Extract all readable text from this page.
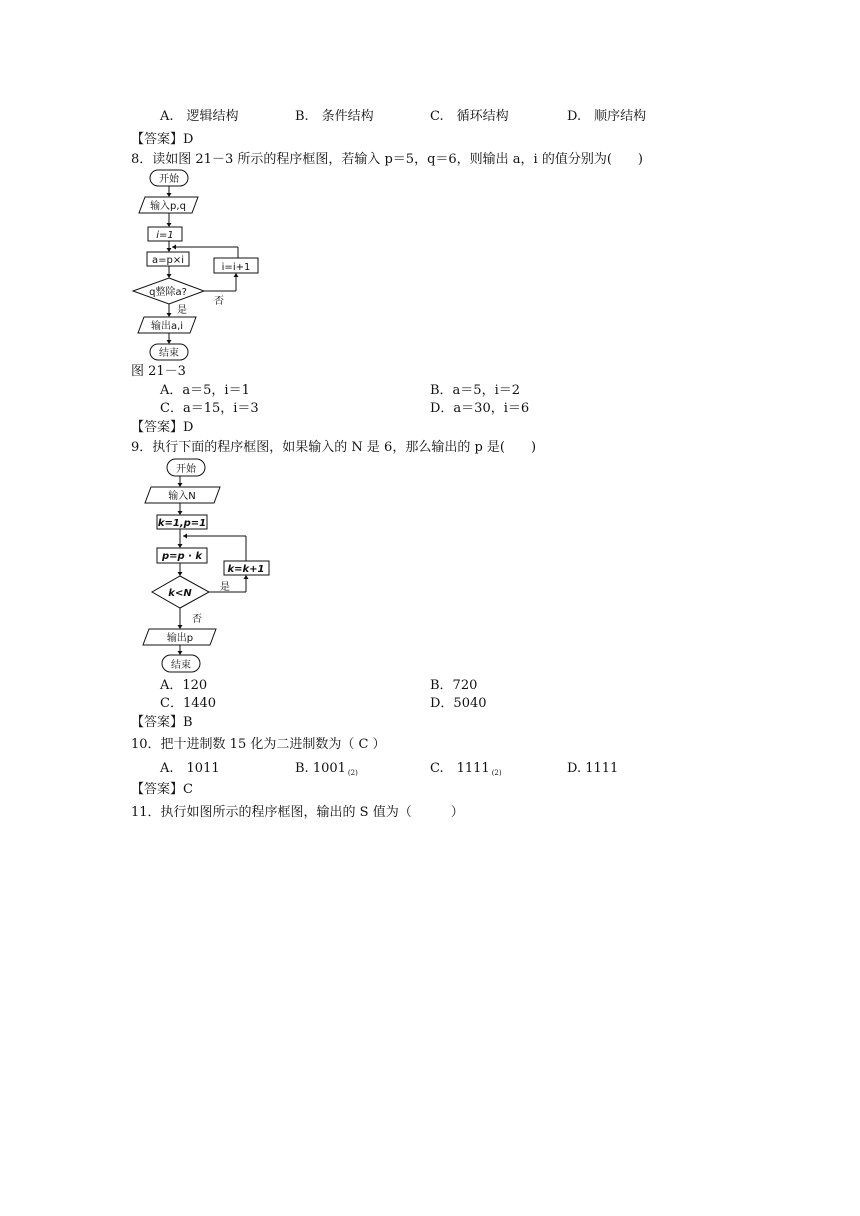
A.　逻辑结构	B.　条件结构	C.　循环结构	D.　顺序结构
【答案】D
8．读如图 21－3 所示的程序框图，若输入 p＝5，q＝6，则输出 a，i 的值分别为(　　)
开始
输入p,q
i=1
a=p×i
i=i+1
q整除a?
否
是
输出a,i
结束
图 21－3
A．a＝5，i＝1	B．a＝5，i＝2
C．a＝15，i＝3	D．a＝30，i＝6
【答案】D
9．执行下面的程序框图，如果输入的 N 是 6，那么输出的 p 是(　　)
开始
输入N
k=1,p=1
p=p · k
k=k+1
k<N
是
否
输出p
结束
A．120	B．720
C．1440	D．5040
【答案】B
10．把十进制数 15 化为二进制数为（ C ）
A.　1011	B. 1001 $_{(2)}$	C.　1111 $_{(2)}$	D. 1111
【答案】C
11．执行如图所示的程序框图，输出的 S 值为（　　　）
